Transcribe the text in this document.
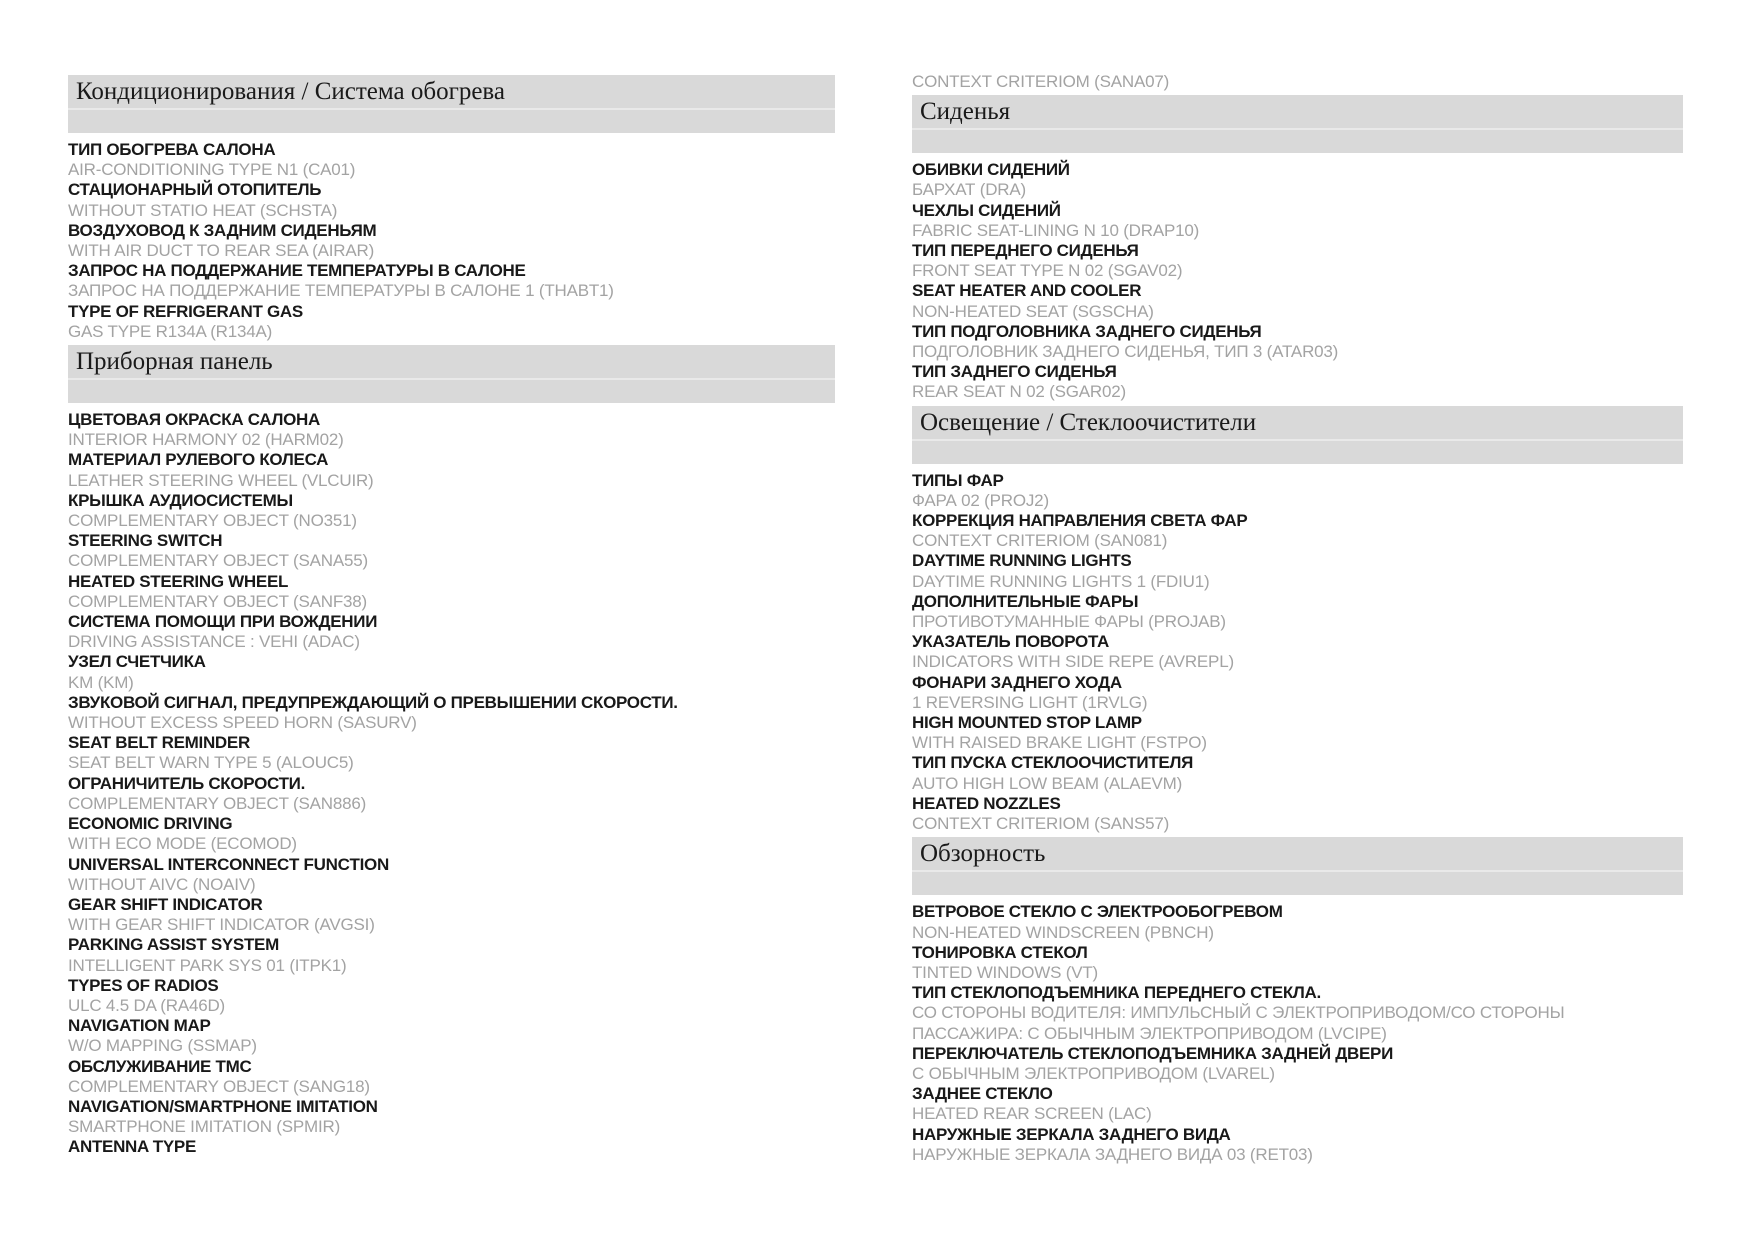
Кондиционирования / Система обогрева
ТИП ОБОГРЕВА САЛОНА
AIR-CONDITIONING TYPE N1 (CA01)
СТАЦИОНАРНЫЙ ОТОПИТЕЛЬ
WITHOUT STATIO HEAT (SCHSTA)
ВОЗДУХОВОД К ЗАДНИМ СИДЕНЬЯМ
WITH AIR DUCT TO REAR SEA (AIRAR)
ЗАПРОС НА ПОДДЕРЖАНИЕ ТЕМПЕРАТУРЫ В САЛОНЕ
ЗАПРОС НА ПОДДЕРЖАНИЕ ТЕМПЕРАТУРЫ В САЛОНЕ 1 (THABT1)
TYPE OF REFRIGERANT GAS
GAS TYPE R134A (R134A)
Приборная панель
ЦВЕТОВАЯ ОКРАСКА САЛОНА
INTERIOR HARMONY 02 (HARM02)
МАТЕРИАЛ РУЛЕВОГО КОЛЕСА
LEATHER STEERING WHEEL (VLCUIR)
КРЫШКА АУДИОСИСТЕМЫ
COMPLEMENTARY OBJECT (NO351)
STEERING SWITCH
COMPLEMENTARY OBJECT (SANA55)
HEATED STEERING WHEEL
COMPLEMENTARY OBJECT (SANF38)
СИСТЕМА ПОМОЩИ ПРИ ВОЖДЕНИИ
DRIVING ASSISTANCE : VEHI (ADAC)
УЗЕЛ СЧЕТЧИКА
KM (KM)
ЗВУКОВОЙ СИГНАЛ, ПРЕДУПРЕЖДАЮЩИЙ О ПРЕВЫШЕНИИ СКОРОСТИ.
WITHOUT EXCESS SPEED HORN (SASURV)
SEAT BELT REMINDER
SEAT BELT WARN TYPE 5 (ALOUC5)
ОГРАНИЧИТЕЛЬ СКОРОСТИ.
COMPLEMENTARY OBJECT (SAN886)
ECONOMIC DRIVING
WITH ECO MODE (ECOMOD)
UNIVERSAL INTERCONNECT FUNCTION
WITHOUT AIVC (NOAIV)
GEAR SHIFT INDICATOR
WITH GEAR SHIFT INDICATOR (AVGSI)
PARKING ASSIST SYSTEM
INTELLIGENT PARK SYS 01 (ITPK1)
TYPES OF RADIOS
ULC 4.5 DA (RA46D)
NAVIGATION MAP
W/O MAPPING (SSMAP)
ОБСЛУЖИВАНИЕ ТМС
COMPLEMENTARY OBJECT (SANG18)
NAVIGATION/SMARTPHONE IMITATION
SMARTPHONE IMITATION (SPMIR)
ANTENNA TYPE
CONTEXT CRITERIOM (SANA07)
Сиденья
ОБИВКИ СИДЕНИЙ
БАРХАТ (DRA)
ЧЕХЛЫ СИДЕНИЙ
FABRIC SEAT-LINING N 10 (DRAP10)
ТИП ПЕРЕДНЕГО СИДЕНЬЯ
FRONT SEAT TYPE N 02 (SGAV02)
SEAT HEATER AND COOLER
NON-HEATED SEAT (SGSCHA)
ТИП ПОДГОЛОВНИКА ЗАДНЕГО СИДЕНЬЯ
ПОДГОЛОВНИК ЗАДНЕГО СИДЕНЬЯ, ТИП 3 (ATAR03)
ТИП ЗАДНЕГО СИДЕНЬЯ
REAR SEAT N 02 (SGAR02)
Освещение / Стеклоочистители
ТИПЫ ФАР
ФАРА 02 (PROJ2)
КОРРЕКЦИЯ НАПРАВЛЕНИЯ СВЕТА ФАР
CONTEXT CRITERIOM (SAN081)
DAYTIME RUNNING LIGHTS
DAYTIME RUNNING LIGHTS 1 (FDIU1)
ДОПОЛНИТЕЛЬНЫЕ ФАРЫ
ПРОТИВОТУМАННЫЕ ФАРЫ (PROJAB)
УКАЗАТЕЛЬ ПОВОРОТА
INDICATORS WITH SIDE REPE (AVREPL)
ФОНАРИ ЗАДНЕГО ХОДА
1 REVERSING LIGHT (1RVLG)
HIGH MOUNTED STOP LAMP
WITH RAISED BRAKE LIGHT (FSTPO)
ТИП ПУСКА СТЕКЛООЧИСТИТЕЛЯ
AUTO HIGH LOW BEAM (ALAEVM)
HEATED NOZZLES
CONTEXT CRITERIOM (SANS57)
Обзорность
ВЕТРОВОЕ СТЕКЛО С ЭЛЕКТРООБОГРЕВОМ
NON-HEATED WINDSCREEN (PBNCH)
ТОНИРОВКА СТЕКОЛ
TINTED WINDOWS (VT)
ТИП СТЕКЛОПОДЪЕМНИКА ПЕРЕДНЕГО СТЕКЛА.
СО СТОРОНЫ ВОДИТЕЛЯ: ИМПУЛЬСНЫЙ С ЭЛЕКТРОПРИВОДОМ/СО СТОРОНЫ ПАССАЖИРА: С ОБЫЧНЫМ ЭЛЕКТРОПРИВОДОМ (LVCIPE)
ПЕРЕКЛЮЧАТЕЛЬ СТЕКЛОПОДЪЕМНИКА ЗАДНЕЙ ДВЕРИ
С ОБЫЧНЫМ ЭЛЕКТРОПРИВОДОМ (LVAREL)
ЗАДНЕЕ СТЕКЛО
HEATED REAR SCREEN (LAC)
НАРУЖНЫЕ ЗЕРКАЛА ЗАДНЕГО ВИДА
НАРУЖНЫЕ ЗЕРКАЛА ЗАДНЕГО ВИДА 03 (RET03)
